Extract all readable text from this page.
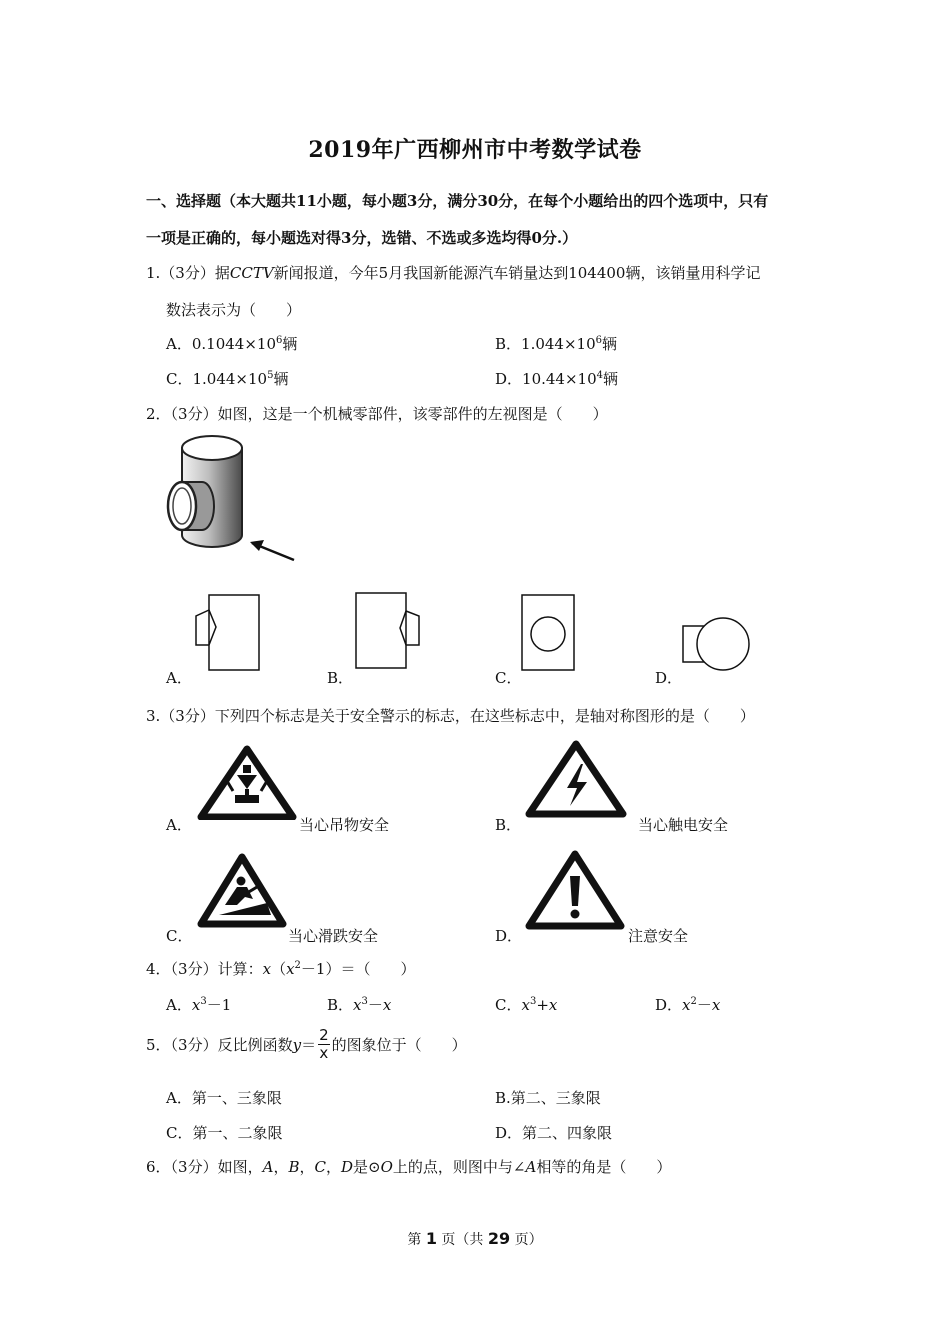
2019年广西柳州市中考数学试卷
一、选择题（本大题共11小题，每小题3分，满分30分，在每个小题给出的四个选项中，只有
一项是正确的，每小题选对得3分，选错、不选或多选均得0分.）
1.（3分）据CCTV新闻报道，今年5月我国新能源汽车销量达到104400辆，该销量用科学记
数法表示为（　　）
A．$0.1044\times 10^6$辆	B．$1.044\times 10^6$辆
C．$1.044\times 10^5$辆	D．$10.44\times 10^4$辆
2．（3分）如图，这是一个机械零部件，该零部件的左视图是（　　）
A．	B．	C．	D．
3.（3分）下列四个标志是关于安全警示的标志，在这些标志中，是轴对称图形的是（　　）
A．	当心吊物安全	B．	当心触电安全
C．	当心滑跌安全	D．	注意安全
4．（3分）计算：$x(x^2-1)=$（　　）
A．$x^3-1$	B．$x^3-x$	C．$x^3+x$	D．$x^2-x$
5．（3分）反比例函数 $y = \frac{2}{x}$ 的图象位于（　　）
A．第一、三象限	B.第二、三象限
C．第一、二象限	D．第二、四象限
6．（3分）如图，A，B，C，D是⊙O上的点，则图中与∠A相等的角是（　　）
第 1 页（共 29 页）
